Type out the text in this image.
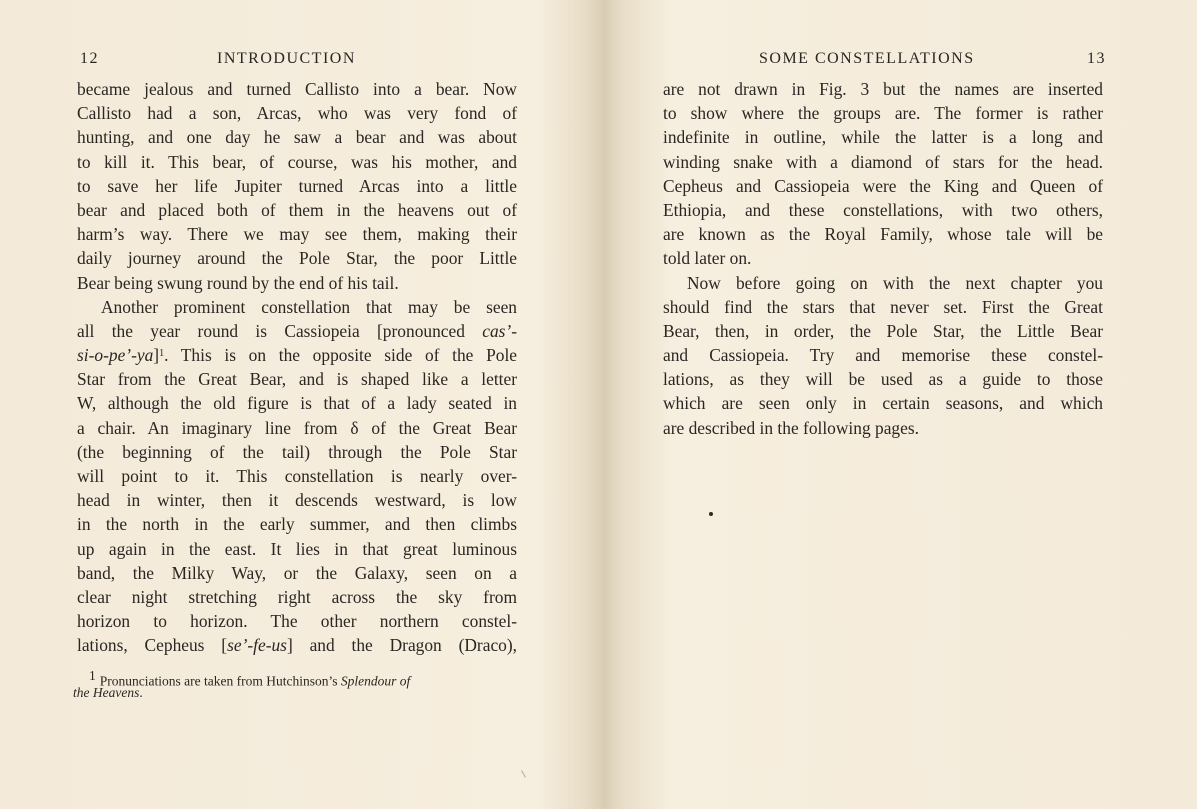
12	INTRODUCTION
became jealous and turned Callisto into a bear. Now
Callisto had a son, Arcas, who was very fond of
hunting, and one day he saw a bear and was about
to kill it. This bear, of course, was his mother, and
to save her life Jupiter turned Arcas into a little
bear and placed both of them in the heavens out of
harm’s way. There we may see them, making their
daily journey around the Pole Star, the poor Little
Bear being swung round by the end of his tail.
Another prominent constellation that may be seen
all the year round is Cassiopeia [pronounced cas’-
si-o-pe’-ya]$^1$. This is on the opposite side of the Pole
Star from the Great Bear, and is shaped like a letter
W, although the old figure is that of a lady seated in
a chair. An imaginary line from δ of the Great Bear
(the beginning of the tail) through the Pole Star
will point to it. This constellation is nearly over-
head in winter, then it descends westward, is low
in the north in the early summer, and then climbs
up again in the east. It lies in that great luminous
band, the Milky Way, or the Galaxy, seen on a
clear night stretching right across the sky from
horizon to horizon. The other northern constel-
lations, Cepheus [se’-fe-us] and the Dragon (Draco),
$^1$ Pronunciations are taken from Hutchinson’s Splendour of
the Heavens.
SOME CONSTELLATIONS	13
are not drawn in Fig. 3 but the names are inserted
to show where the groups are. The former is rather
indefinite in outline, while the latter is a long and
winding snake with a diamond of stars for the head.
Cepheus and Cassiopeia were the King and Queen of
Ethiopia, and these constellations, with two others,
are known as the Royal Family, whose tale will be
told later on.
Now before going on with the next chapter you
should find the stars that never set. First the Great
Bear, then, in order, the Pole Star, the Little Bear
and Cassiopeia. Try and memorise these constel-
lations, as they will be used as a guide to those
which are seen only in certain seasons, and which
are described in the following pages.
